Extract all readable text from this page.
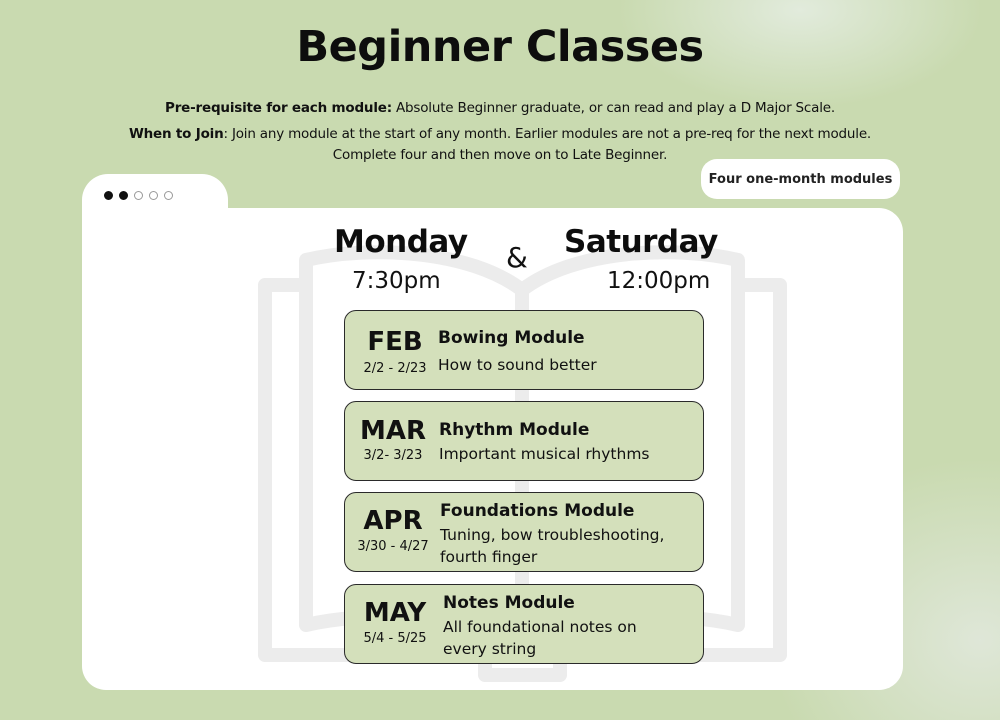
Beginner Classes
Pre-requisite for each module: Absolute Beginner graduate, or can read and play a D Major Scale.
When to Join: Join any module at the start of any month. Earlier modules are not a pre-req for the next module.
Complete four and then move on to Late Beginner.
Four one-month modules
Monday & Saturday
7:30pm	12:00pm
FEB
2/2 - 2/23
Bowing Module
How to sound better
MAR
3/2- 3/23
Rhythm Module
Important musical rhythms
APR
3/30 - 4/27
Foundations Module
Tuning, bow troubleshooting,
fourth finger
MAY
5/4 - 5/25
Notes Module
All foundational notes on
every string
